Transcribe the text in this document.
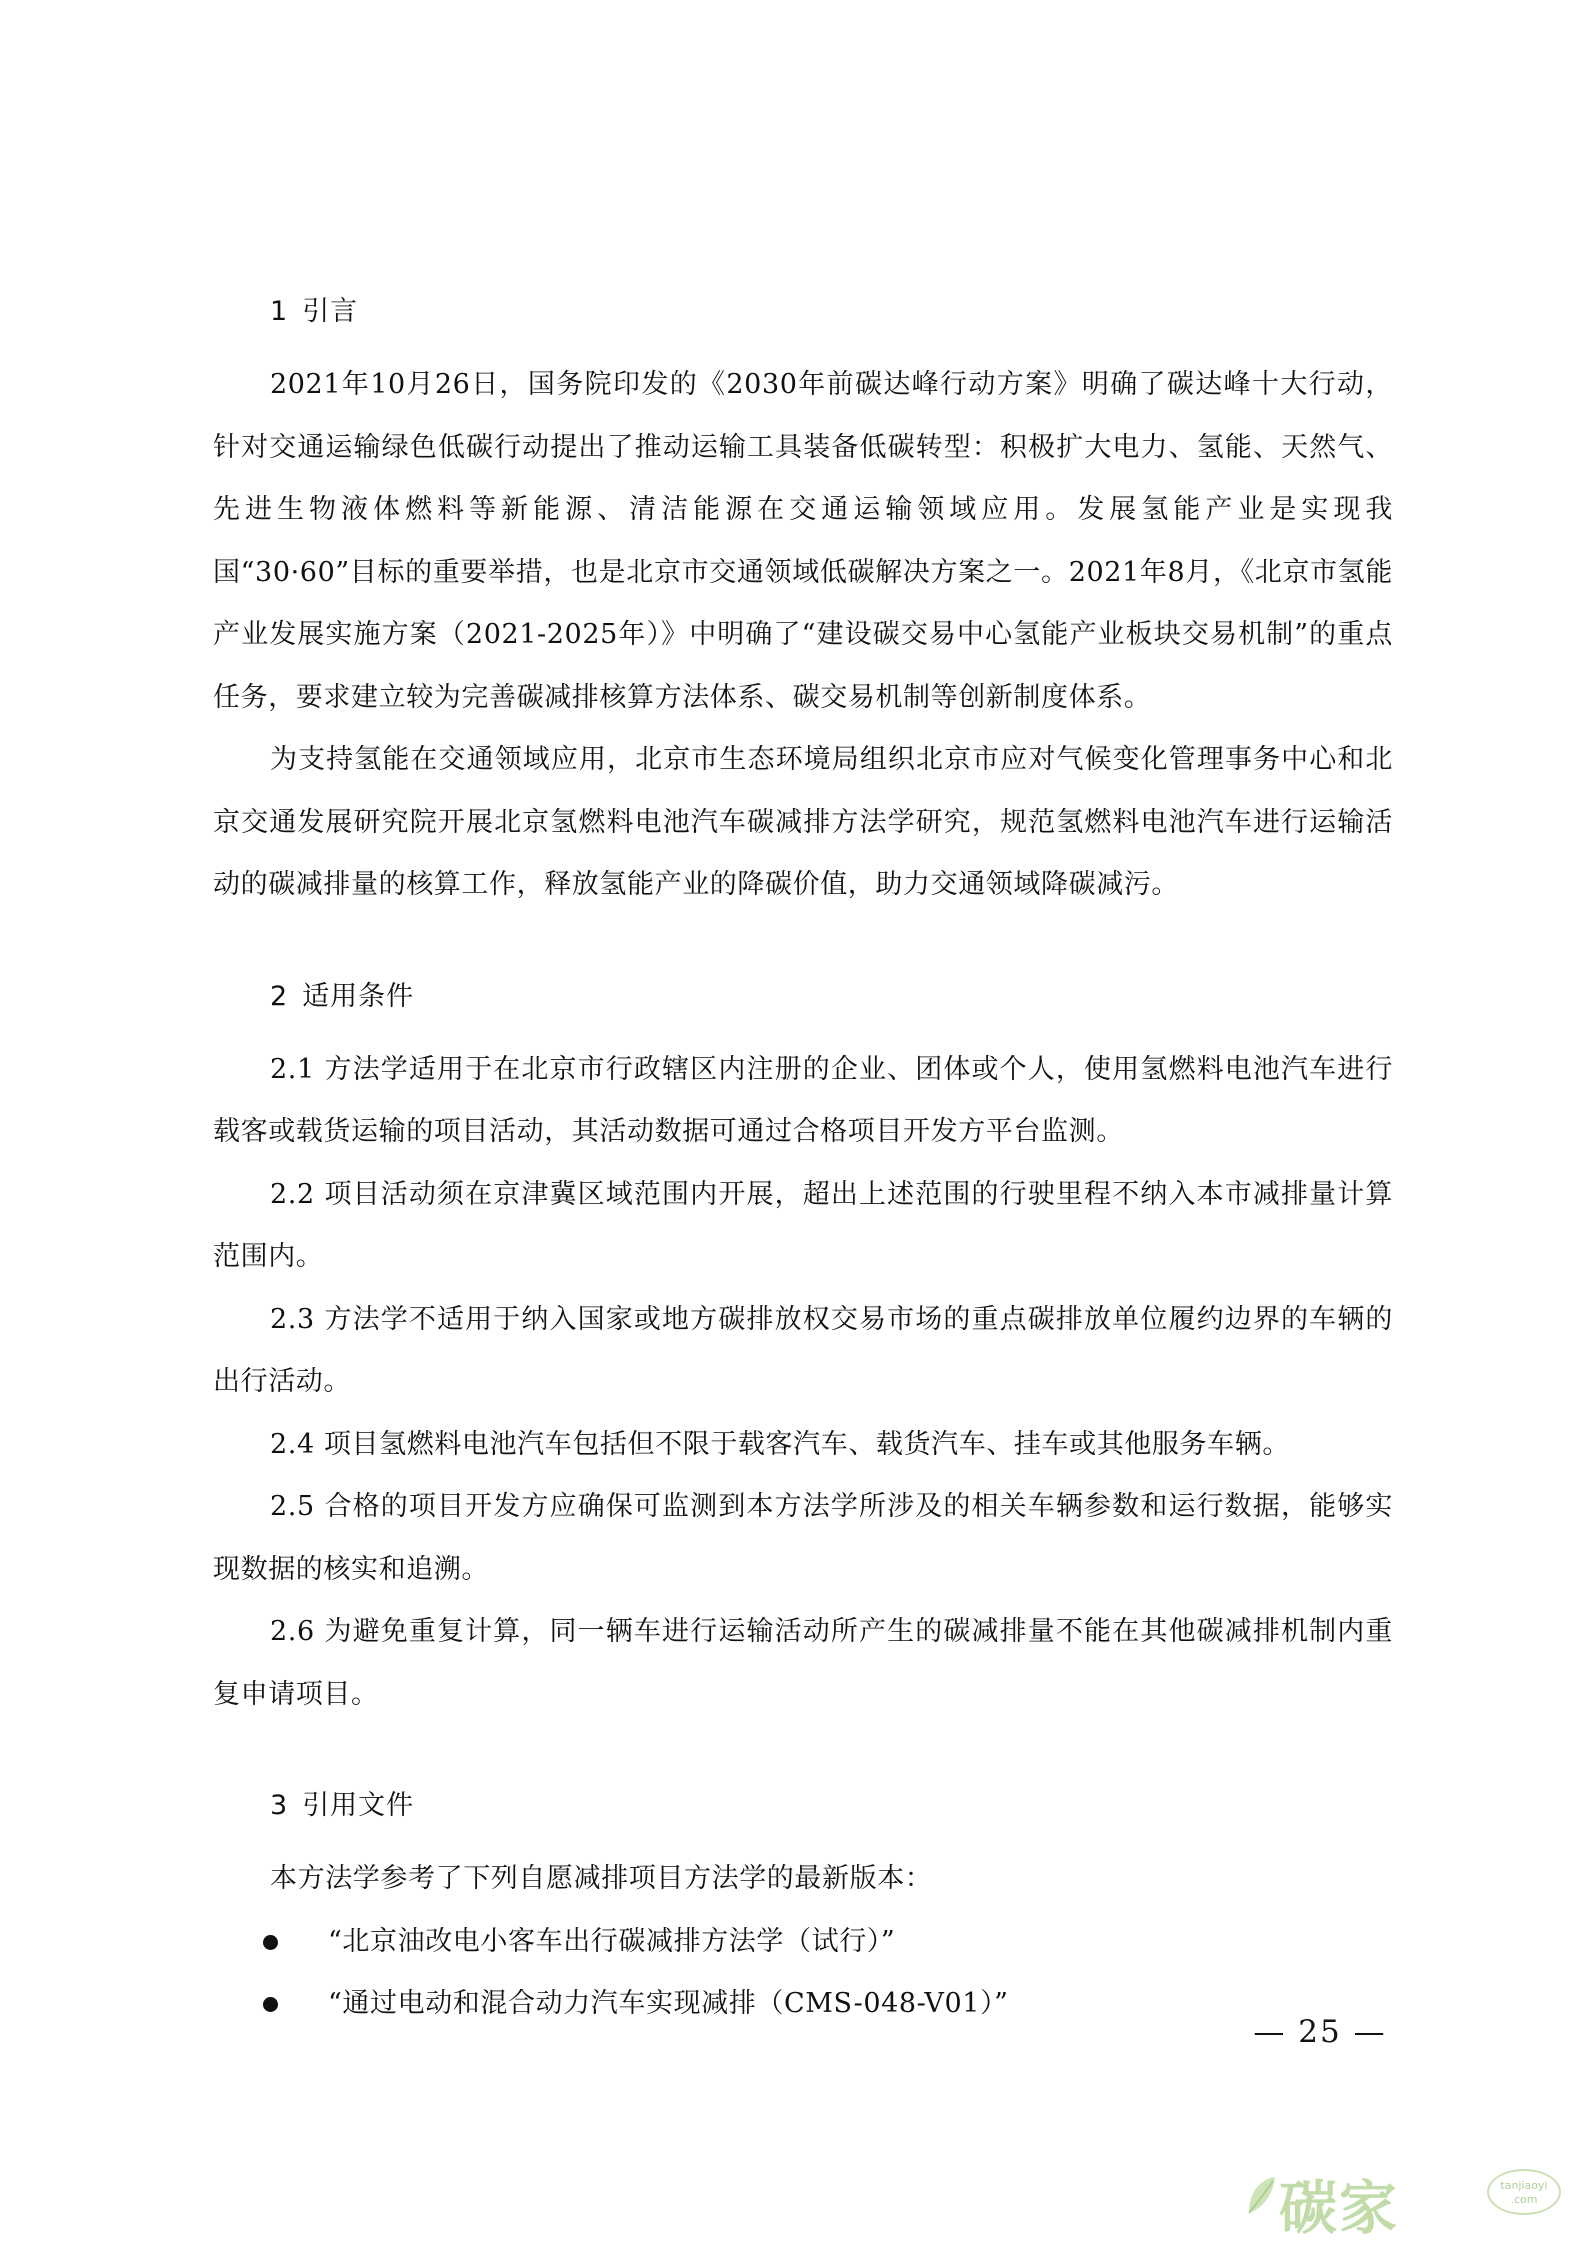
1 引言

2021年10月26日，国务院印发的《2030年前碳达峰行动方案》明确了碳达峰十大行动，针对交通运输绿色低碳行动提出了推动运输工具装备低碳转型：积极扩大电力、氢能、天然气、先进生物液体燃料等新能源、清洁能源在交通运输领域应用。发展氢能产业是实现我国“30·60”目标的重要举措，也是北京市交通领域低碳解决方案之一。2021年8月，《北京市氢能产业发展实施方案（2021-2025年）》中明确了“建设碳交易中心氢能产业板块交易机制”的重点任务，要求建立较为完善碳减排核算方法体系、碳交易机制等创新制度体系。

为支持氢能在交通领域应用，北京市生态环境局组织北京市应对气候变化管理事务中心和北京交通发展研究院开展北京氢燃料电池汽车碳减排方法学研究，规范氢燃料电池汽车进行运输活动的碳减排量的核算工作，释放氢能产业的降碳价值，助力交通领域降碳减污。

2 适用条件

2.1 方法学适用于在北京市行政辖区内注册的企业、团体或个人，使用氢燃料电池汽车进行载客或载货运输的项目活动，其活动数据可通过合格项目开发方平台监测。

2.2 项目活动须在京津冀区域范围内开展，超出上述范围的行驶里程不纳入本市减排量计算范围内。

2.3 方法学不适用于纳入国家或地方碳排放权交易市场的重点碳排放单位履约边界的车辆的出行活动。

2.4 项目氢燃料电池汽车包括但不限于载客汽车、载货汽车、挂车或其他服务车辆。

2.5 合格的项目开发方应确保可监测到本方法学所涉及的相关车辆参数和运行数据，能够实现数据的核实和追溯。

2.6 为避免重复计算，同一辆车进行运输活动所产生的碳减排量不能在其他碳减排机制内重复申请项目。

3 引用文件

本方法学参考了下列自愿减排项目方法学的最新版本：

“北京油改电小客车出行碳减排方法学（试行）”
“通过电动和混合动力汽车实现减排（CMS-048-V01）”
— 25 —
碳家	tanjiaoyi
.com
